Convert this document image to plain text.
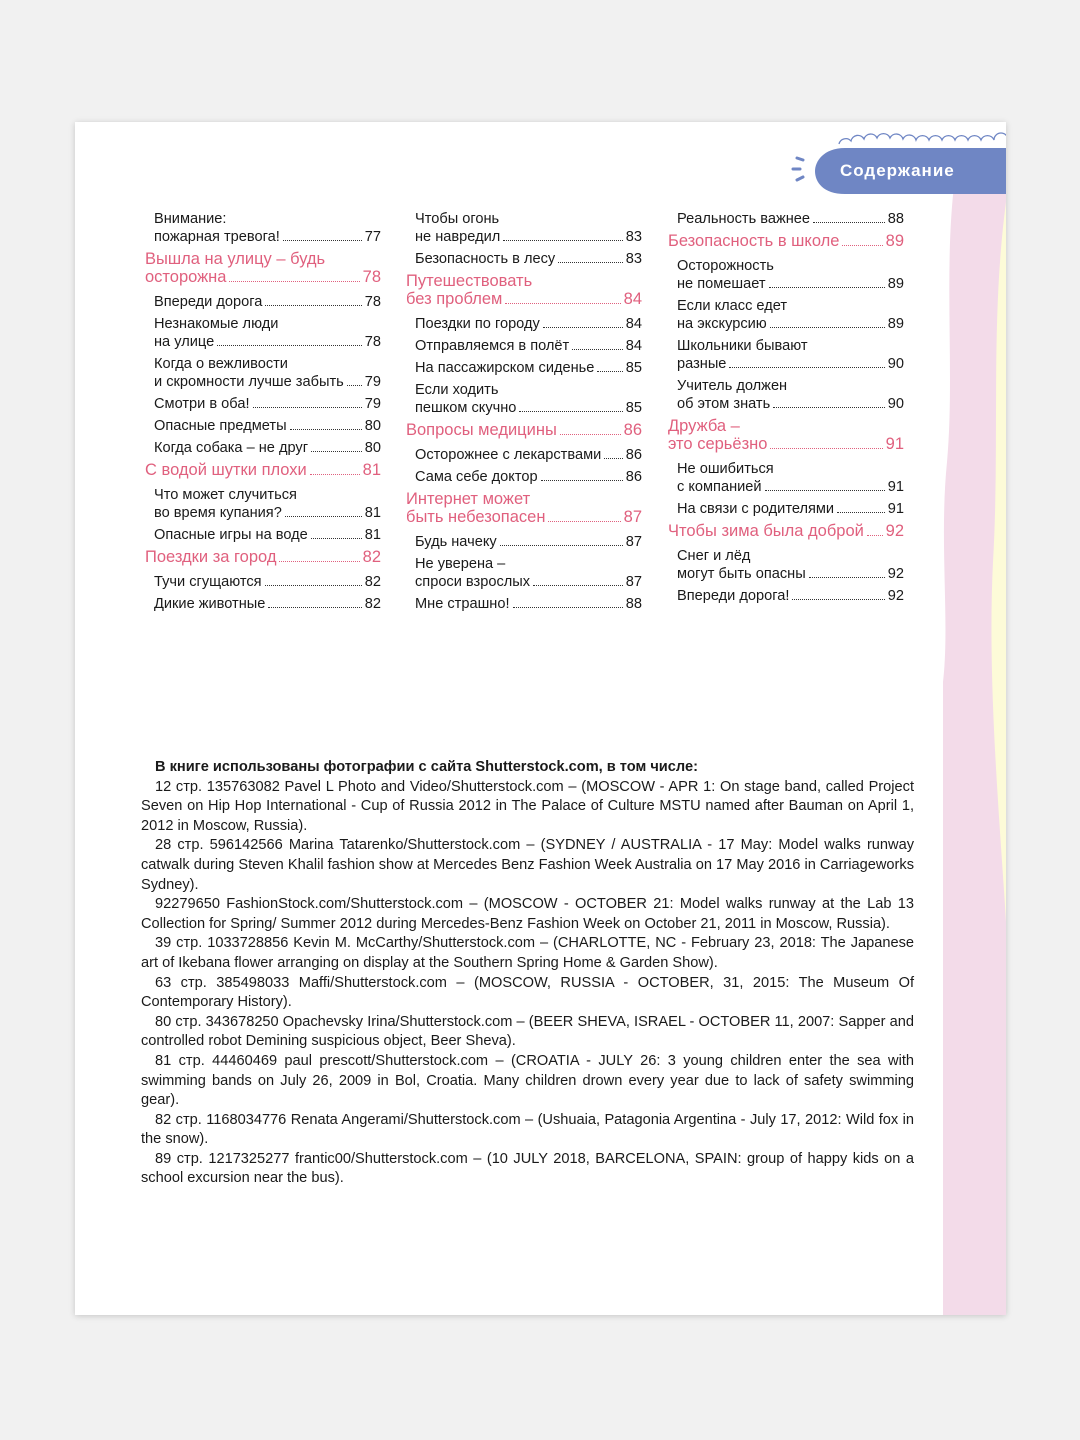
Содержание
Внимание:
пожарная тревога!	77
Вышла на улицу – будь
осторожна	78
Впереди дорога	78
Незнакомые люди
на улице	78
Когда о вежливости
и скромности лучше забыть 79
Смотри в оба!	79
Опасные предметы	80
Когда собака – не друг	80
С водой шутки плохи	81
Что может случиться
во время купания?	81
Опасные игры на воде	81
Поездки за город	82
Тучи сгущаются	82
Дикие животные	82
Чтобы огонь
не навредил	83
Безопасность в лесу	83
Путешествовать
без проблем	84
Поездки по городу	84
Отправляемся в полёт	84
На пассажирском сиденье 85
Если ходить
пешком скучно	85
Вопросы медицины	86
Осторожнее с лекарствами 86
Сама себе доктор	86
Интернет может
быть небезопасен	87
Будь начеку	87
Не уверена –
спроси взрослых	87
Мне страшно!	88
Реальность важнее	88
Безопасность в школе	89
Осторожность
не помешает	89
Если класс едет
на экскурсию	89
Школьники бывают
разные	90
Учитель должен
об этом знать	90
Дружба –
это серьёзно	91
Не ошибиться
с компанией	91
На связи с родителями	91
Чтобы зима была доброй 92
Снег и лёд
могут быть опасны	92
Впереди дорога!	92
В книге использованы фотографии с сайта Shutterstock.com, в том числе:
12 стр. 135763082 Pavel L Photo and Video/Shutterstock.com – (MOSCOW - APR 1: On stage band, called Project Seven on Hip Hop International - Cup of Russia 2012 in The Palace of Culture MSTU named after Bauman on April 1, 2012 in Moscow, Russia).
28 стр. 596142566 Marina Tatarenko/Shutterstock.com – (SYDNEY / AUSTRALIA - 17 May: Model walks runway catwalk during Steven Khalil fashion show at Mercedes Benz Fashion Week Australia on 17 May 2016 in Carriageworks Sydney).
92279650 FashionStock.com/Shutterstock.com – (MOSCOW - OCTOBER 21: Model walks runway at the Lab 13 Collection for Spring/ Summer 2012 during Mercedes-Benz Fashion Week on October 21, 2011 in Moscow, Russia).
39 стр. 1033728856 Kevin M. McCarthy/Shutterstock.com – (CHARLOTTE, NC - February 23, 2018: The Japanese art of Ikebana flower arranging on display at the Southern Spring Home & Garden Show).
63 стр. 385498033 Maffi/Shutterstock.com – (MOSCOW, RUSSIA - OCTOBER, 31, 2015: The Museum Of Contemporary History).
80 стр. 343678250 Opachevsky Irina/Shutterstock.com – (BEER SHEVA, ISRAEL - OCTOBER 11, 2007: Sapper and controlled robot Demining suspicious object, Beer Sheva).
81 стр. 44460469 paul prescott/Shutterstock.com – (CROATIA - JULY 26: 3 young children enter the sea with swimming bands on July 26, 2009 in Bol, Croatia. Many children drown every year due to lack of safety swimming gear).
82 стр. 1168034776 Renata Angerami/Shutterstock.com – (Ushuaia, Patagonia Argentina - July 17, 2012: Wild fox in the snow).
89 стр. 1217325277 frantic00/Shutterstock.com – (10 JULY 2018, BARCELONA, SPAIN: group of happy kids on a school excursion near the bus).
